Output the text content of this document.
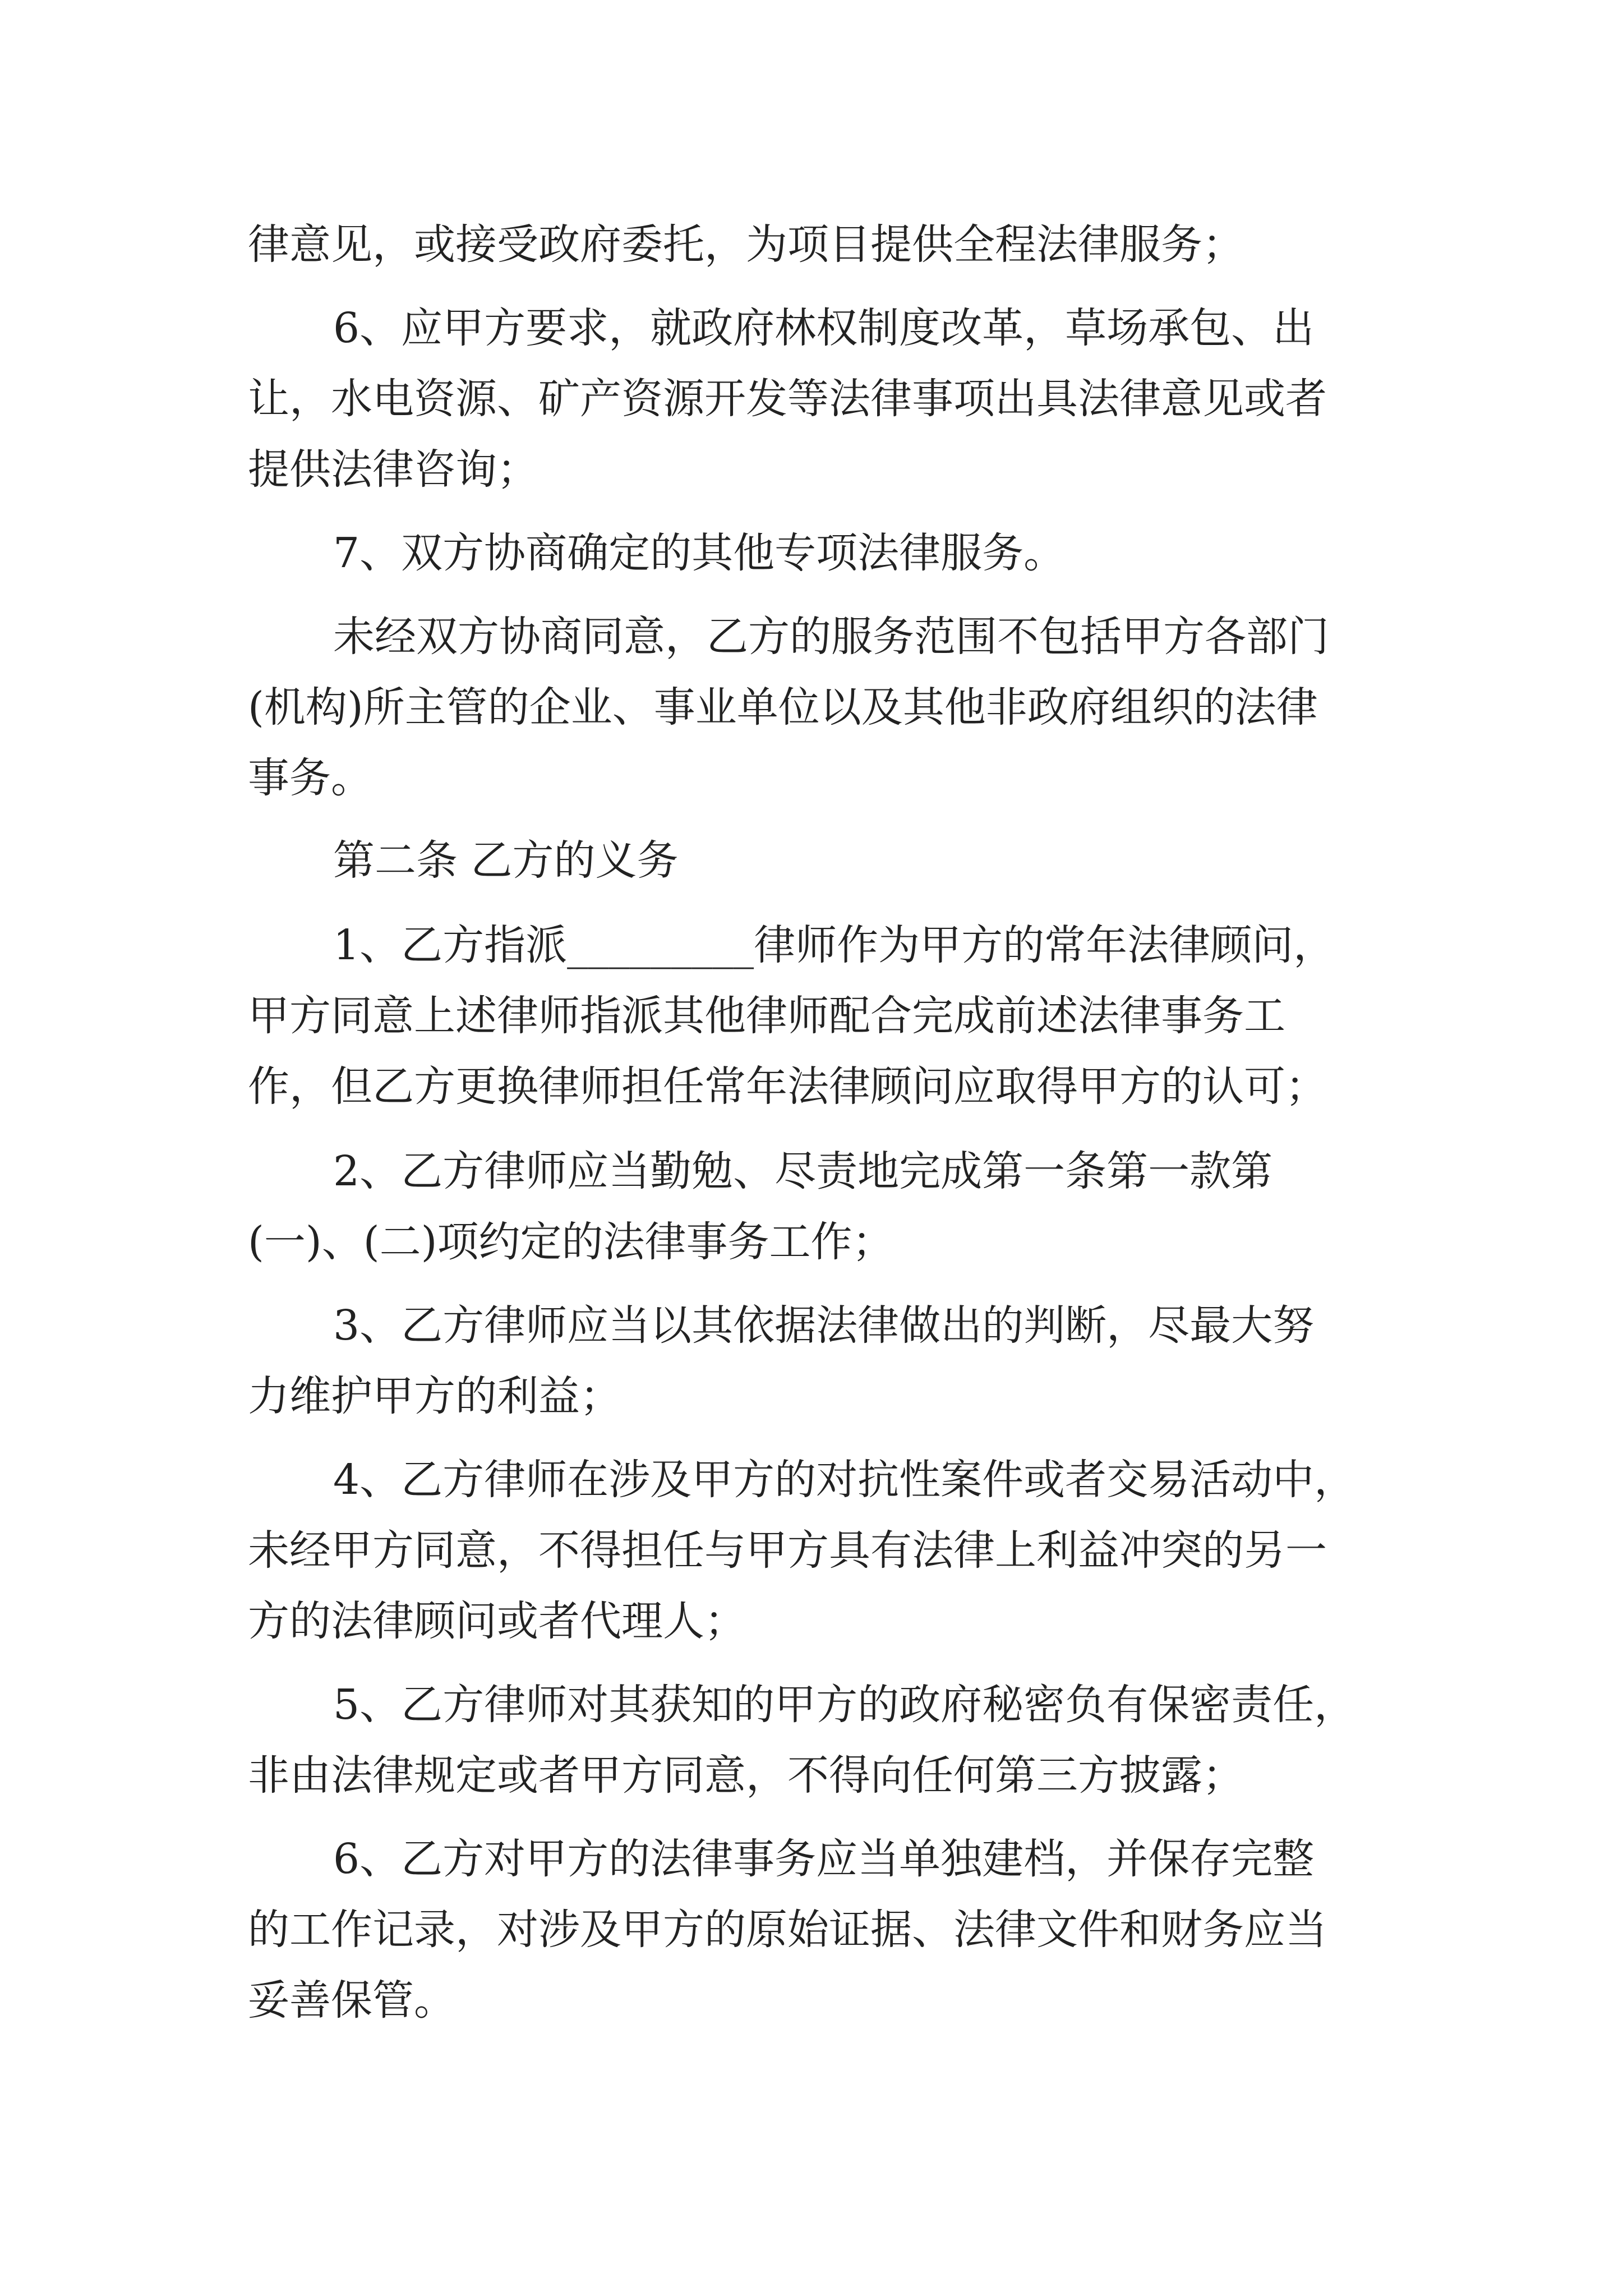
律意见，或接受政府委托，为项目提供全程法律服务；

6、应甲方要求，就政府林权制度改革，草场承包、出

让，水电资源、矿产资源开发等法律事项出具法律意见或者

提供法律咨询；

7、双方协商确定的其他专项法律服务。

未经双方协商同意，乙方的服务范围不包括甲方各部门

(机构)所主管的企业、事业单位以及其他非政府组织的法律

事务。

第二条 乙方的义务

1、乙方指派_________律师作为甲方的常年法律顾问，

甲方同意上述律师指派其他律师配合完成前述法律事务工

作，但乙方更换律师担任常年法律顾问应取得甲方的认可；

2、乙方律师应当勤勉、尽责地完成第一条第一款第

(一)、(二)项约定的法律事务工作；

3、乙方律师应当以其依据法律做出的判断，尽最大努

力维护甲方的利益；

4、乙方律师在涉及甲方的对抗性案件或者交易活动中，

未经甲方同意，不得担任与甲方具有法律上利益冲突的另一

方的法律顾问或者代理人；

5、乙方律师对其获知的甲方的政府秘密负有保密责任，

非由法律规定或者甲方同意，不得向任何第三方披露；

6、乙方对甲方的法律事务应当单独建档，并保存完整

的工作记录，对涉及甲方的原始证据、法律文件和财务应当

妥善保管。
